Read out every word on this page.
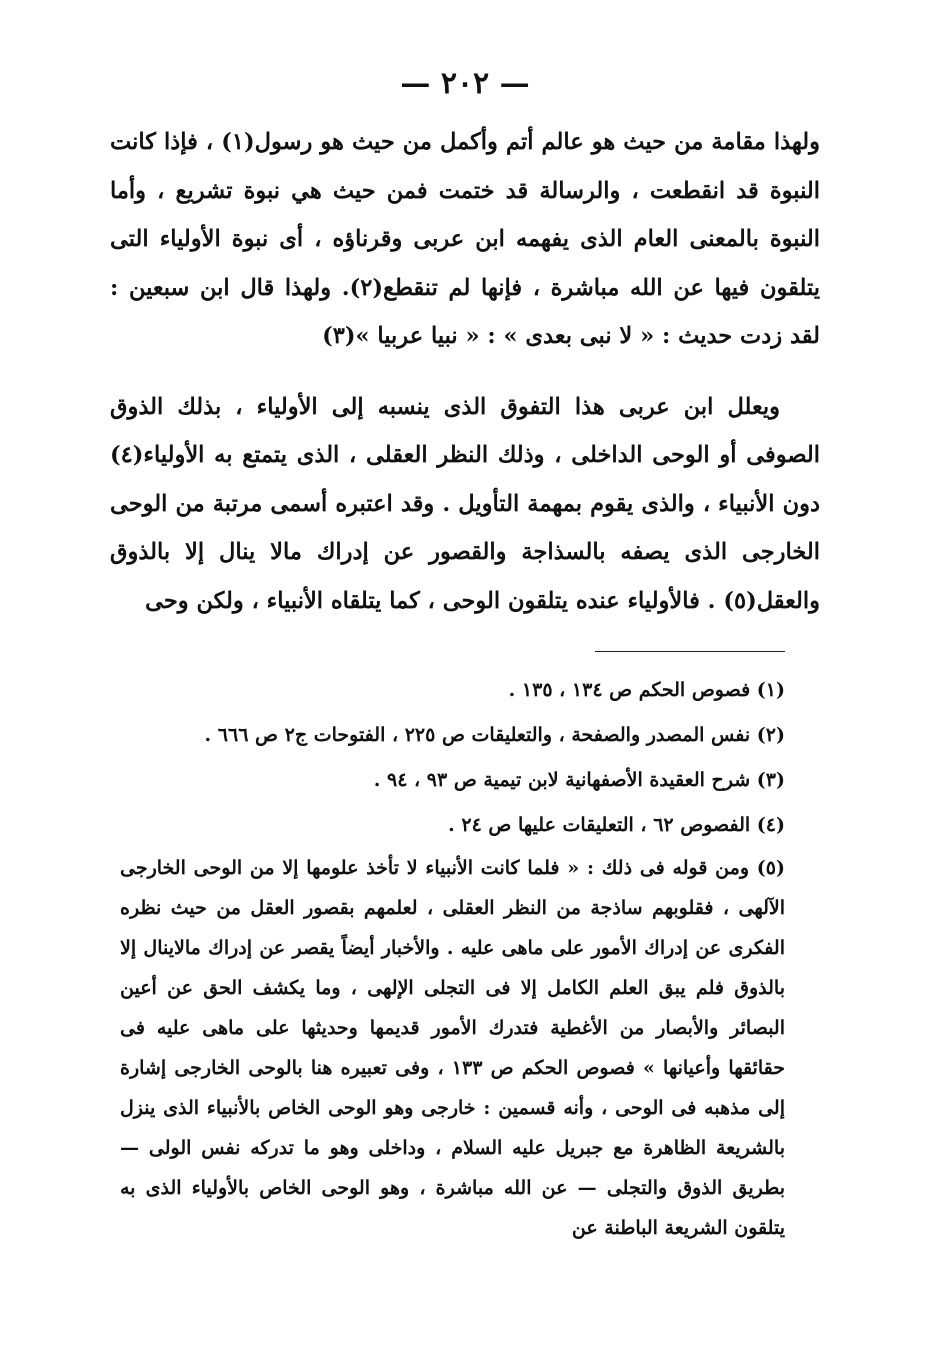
— ٢٠٢ —

ولهذا مقامة من حيث هو عالم أتم وأكمل من حيث هو رسول(١) ، فإذا كانت النبوة قد انقطعت ، والرسالة قد ختمت فمن حيث هي نبوة تشريع ، وأما النبوة بالمعنى العام الذى يفهمه ابن عربى وقرناؤه ، أى نبوة الأولياء التى يتلقون فيها عن الله مباشرة ، فإنها لم تنقطع(٢). ولهذا قال ابن سبعين : لقد زدت حديث : « لا نبى بعدى » : « نبيا عربيا »(٣)

ويعلل ابن عربى هذا التفوق الذى ينسبه إلى الأولياء ، بذلك الذوق الصوفى أو الوحى الداخلى ، وذلك النظر العقلى ، الذى يتمتع به الأولياء(٤) دون الأنبياء ، والذى يقوم بمهمة التأويل . وقد اعتبره أسمى مرتبة من الوحى الخارجى الذى يصفه بالسذاجة والقصور عن إدراك مالا ينال إلا بالذوق والعقل(٥) . فالأولياء عنده يتلقون الوحى ، كما يتلقاه الأنبياء ، ولكن وحى

(١) فصوص الحكم ص ١٣٤ ، ١٣٥ .

(٢) نفس المصدر والصفحة ، والتعليقات ص ٢٢٥ ، الفتوحات ج٢ ص ٦٦٦ .

(٣) شرح العقيدة الأصفهانية لابن تيمية ص ٩٣ ، ٩٤ .

(٤) الفصوص ٦٢ ، التعليقات عليها ص ٢٤ .

(٥) ومن قوله فى ذلك : « فلما كانت الأنبياء لا تأخذ علومها إلا من الوحى الخارجى الآلهى ، فقلوبهم ساذجة من النظر العقلى ، لعلمهم بقصور العقل من حيث نظره الفكرى عن إدراك الأمور على ماهى عليه . والأخبار أيضاً يقصر عن إدراك مالاينال إلا بالذوق فلم يبق العلم الكامل إلا فى التجلى الإلهى ، وما يكشف الحق عن أعين البصائر والأبصار من الأغطية فتدرك الأمور قديمها وحديثها على ماهى عليه فى حقائقها وأعيانها » فصوص الحكم ص ١٣٣ ، وفى تعبيره هنا بالوحى الخارجى إشارة إلى مذهبه فى الوحى ، وأنه قسمين : خارجى وهو الوحى الخاص بالأنبياء الذى ينزل بالشريعة الظاهرة مع جبريل عليه السلام ، وداخلى وهو ما تدركه نفس الولى — بطريق الذوق والتجلى — عن الله مباشرة ، وهو الوحى الخاص بالأولياء الذى به يتلقون الشريعة الباطنة عن
